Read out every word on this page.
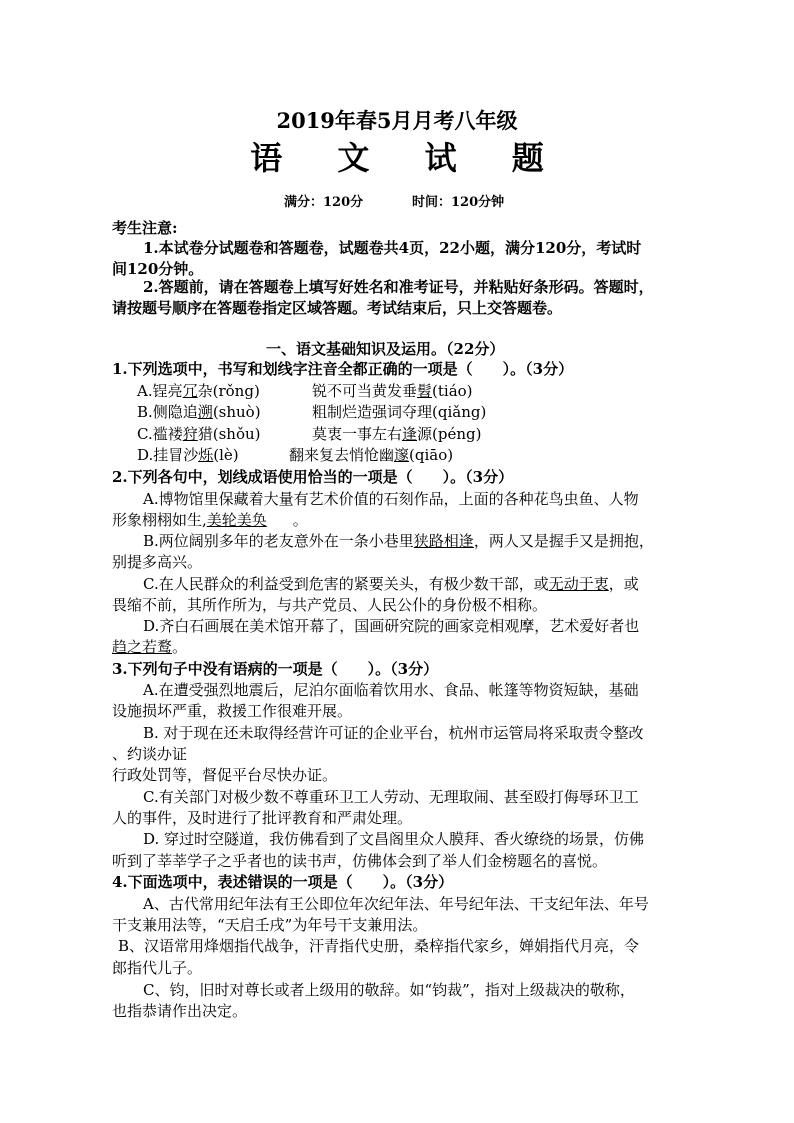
2019年春5月月考八年级
语 文 试 题
满分：120分	时间：120分钟
考生注意:
1.本试卷分试题卷和答题卷，试题卷共4页，22小题，满分120分，考试时
间120分钟。
2.答题前，请在答题卷上填写好姓名和准考证号，并粘贴好条形码。答题时，
请按题号顺序在答题卷指定区域答题。考试结束后，只上交答题卷。
一、语文基础知识及运用。（22分）
1.下列选项中，书写和划线字注音全都正确的一项是（　　）。（3分）
A.锃亮冗杂(rǒng)	锐不可当黄发垂髫(tiáo)
B.侧隐追溯(shuò)	粗制烂造强词夺理(qiǎng)
C.褴褛狩猎(shǒu)	莫衷一事左右逢源(péng)
D.挂冒沙烁(lè)	翻来复去悄怆幽邃(qiāo)
2.下列各句中，划线成语使用恰当的一项是（　　）。（3分）
A.博物馆里保藏着大量有艺术价值的石刻作品，上面的各种花鸟虫鱼、人物
形象栩栩如生,美轮美奂 。
B.两位阔别多年的老友意外在一条小巷里狭路相逢，两人又是握手又是拥抱，
别提多高兴。
C.在人民群众的利益受到危害的紧要关头，有极少数干部，或无动于衷，或
畏缩不前，其所作所为，与共产党员、人民公仆的身份极不相称。
D.齐白石画展在美术馆开幕了，国画研究院的画家竞相观摩，艺术爱好者也
趋之若鹜。
3.下列句子中没有语病的一项是（　　）。（3分）
A.在遭受强烈地震后，尼泊尔面临着饮用水、食品、帐篷等物资短缺，基础
设施损坏严重，救援工作很难开展。
B. 对于现在还未取得经营许可证的企业平台，杭州市运管局将采取责令整改
、约谈办证
行政处罚等，督促平台尽快办证。
C.有关部门对极少数不尊重环卫工人劳动、无理取闹、甚至殴打侮辱环卫工
人的事件，及时进行了批评教育和严肃处理。
D. 穿过时空隧道，我仿佛看到了文昌阁里众人膜拜、香火缭绕的场景，仿佛
听到了莘莘学子之乎者也的读书声，仿佛体会到了举人们金榜题名的喜悦。
4.下面选项中，表述错误的一项是（　　）。（3分）
A、古代常用纪年法有王公即位年次纪年法、年号纪年法、干支纪年法、年号
干支兼用法等，“天启壬戌”为年号干支兼用法。
B、汉语常用烽烟指代战争，汗青指代史册，桑梓指代家乡，婵娟指代月亮，令
郎指代儿子。
C、钧，旧时对尊长或者上级用的敬辞。如“钧裁”，指对上级裁决的敬称，
也指恭请作出决定。
